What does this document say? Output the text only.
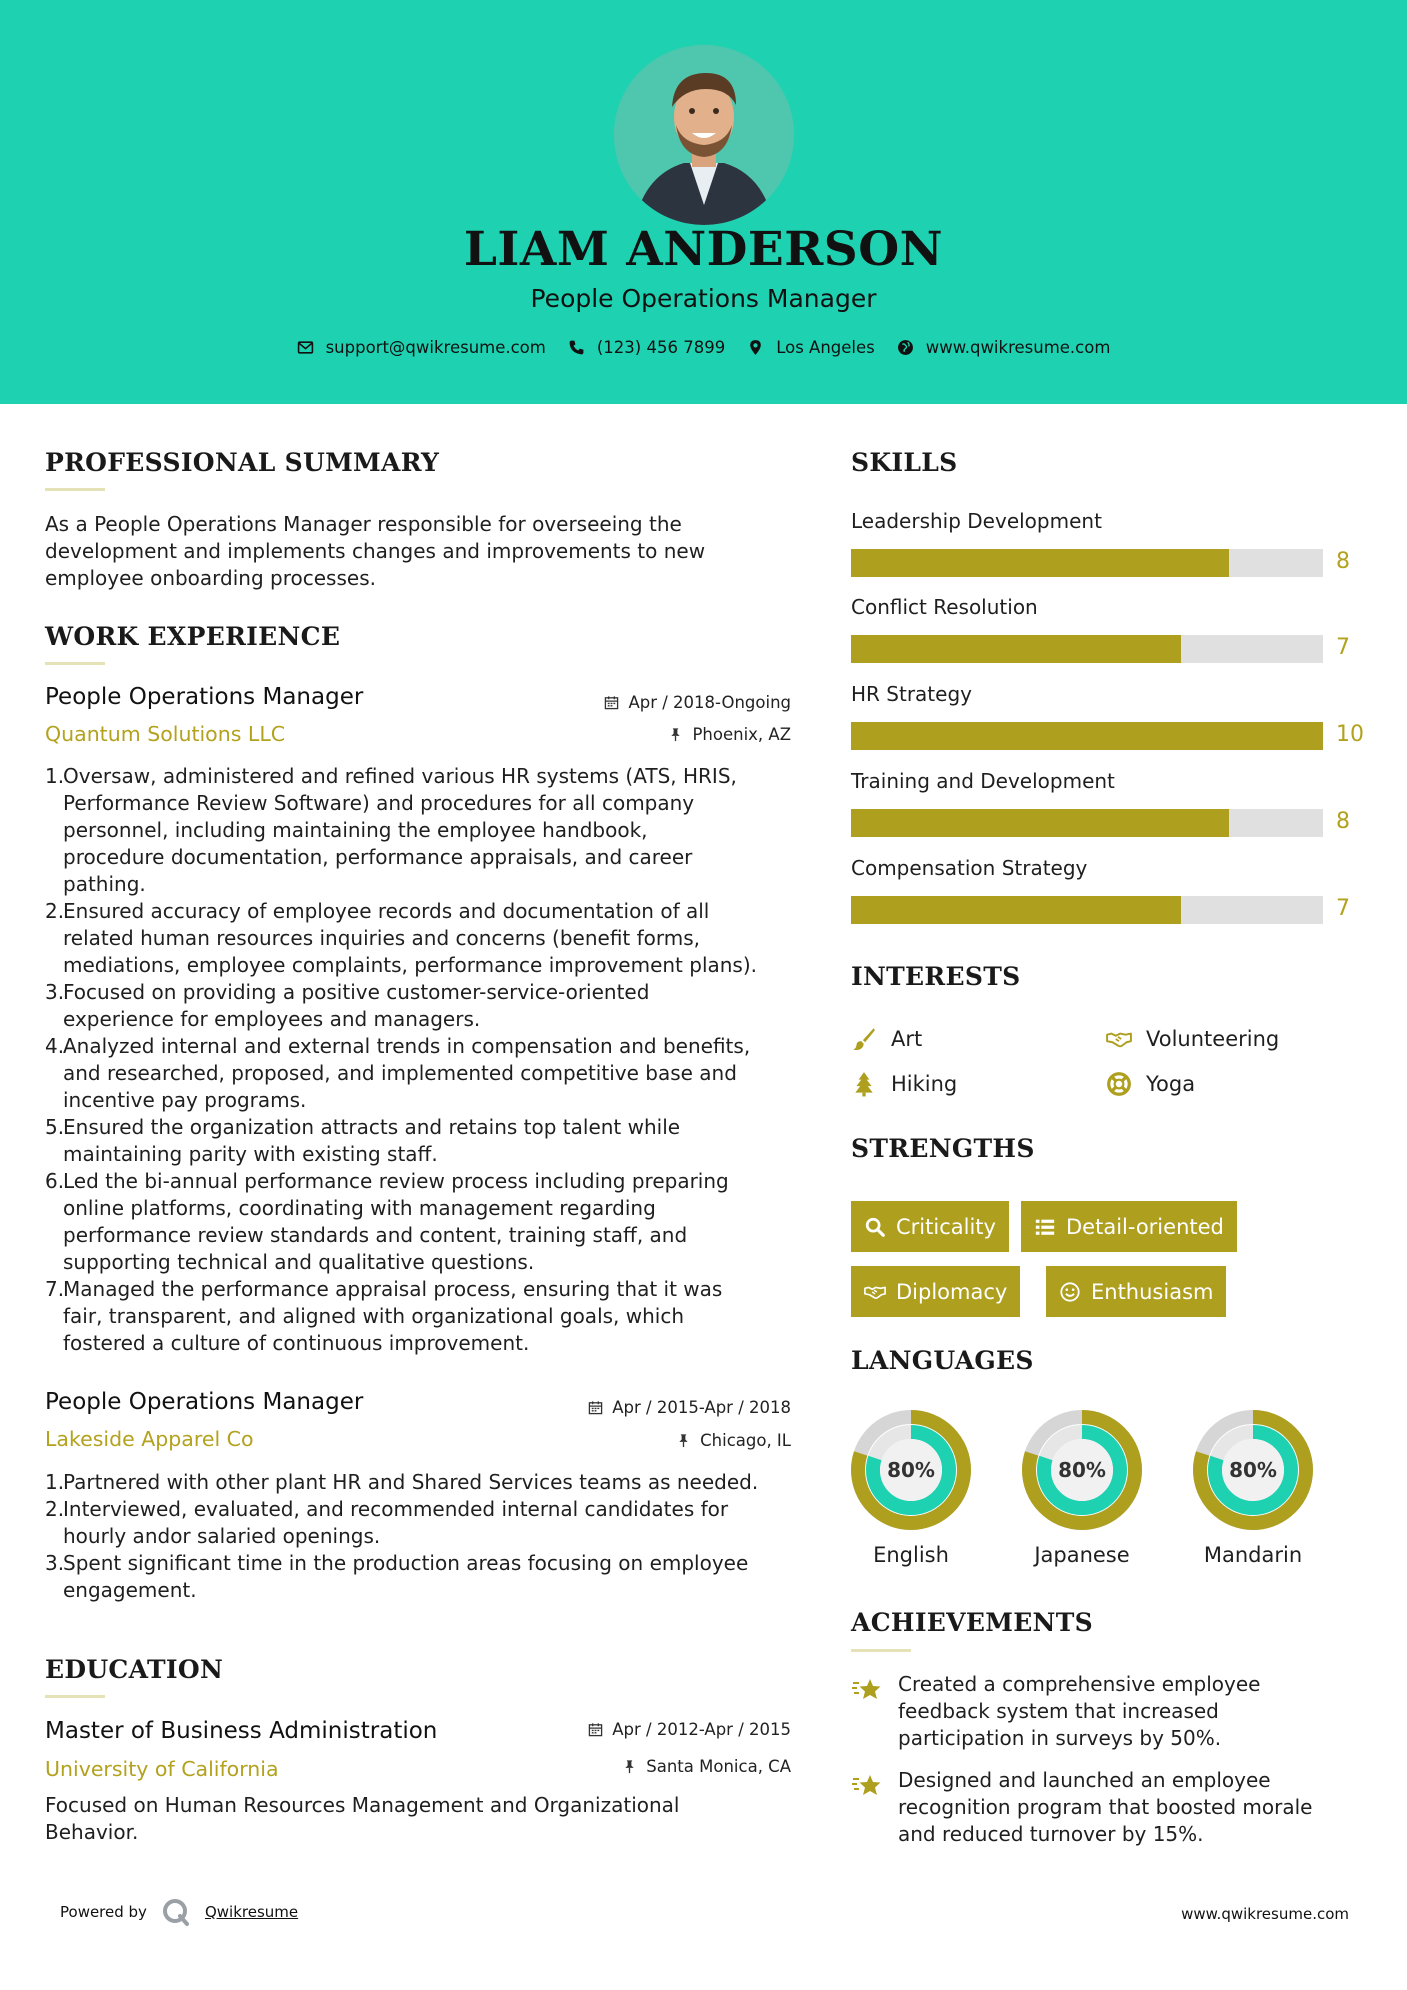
LIAM ANDERSON
People Operations Manager
support@qwikresume.com	(123) 456 7899	Los Angeles	www.qwikresume.com
PROFESSIONAL SUMMARY
As a People Operations Manager responsible for overseeing the
development and implements changes and improvements to new
employee onboarding processes.
WORK EXPERIENCE
People Operations Manager	Apr / 2018-Ongoing
Quantum Solutions LLC	Phoenix, AZ
1.
Oversaw, administered and refined various HR systems (ATS, HRIS,
Performance Review Software) and procedures for all company
personnel, including maintaining the employee handbook,
procedure documentation, performance appraisals, and career
pathing.
2.
Ensured accuracy of employee records and documentation of all
related human resources inquiries and concerns (benefit forms,
mediations, employee complaints, performance improvement plans).
3.
Focused on providing a positive customer-service-oriented
experience for employees and managers.
4.
Analyzed internal and external trends in compensation and benefits,
and researched, proposed, and implemented competitive base and
incentive pay programs.
5.
Ensured the organization attracts and retains top talent while
maintaining parity with existing staff.
6.
Led the bi-annual performance review process including preparing
online platforms, coordinating with management regarding
performance review standards and content, training staff, and
supporting technical and qualitative questions.
7.
Managed the performance appraisal process, ensuring that it was
fair, transparent, and aligned with organizational goals, which
fostered a culture of continuous improvement.
People Operations Manager	Apr / 2015-Apr / 2018
Lakeside Apparel Co	Chicago, IL
1.
Partnered with other plant HR and Shared Services teams as needed.
2.
Interviewed, evaluated, and recommended internal candidates for
hourly andor salaried openings.
3.
Spent significant time in the production areas focusing on employee
engagement.
EDUCATION
Master of Business Administration	Apr / 2012-Apr / 2015
University of California	Santa Monica, CA
Focused on Human Resources Management and Organizational
Behavior.
SKILLS
Leadership Development
8
Conflict Resolution
7
HR Strategy
10
Training and Development
8
Compensation Strategy
7
INTERESTS
Art	Volunteering
Hiking	Yoga
STRENGTHS
Criticality	Detail-oriented
Diplomacy	Enthusiasm
LANGUAGES
80%
English
80%
Japanese
80%
Mandarin
ACHIEVEMENTS
Created a comprehensive employee
feedback system that increased
participation in surveys by 50%.
Designed and launched an employee
recognition program that boosted morale
and reduced turnover by 15%.
Powered by	Qwikresume	www.qwikresume.com
